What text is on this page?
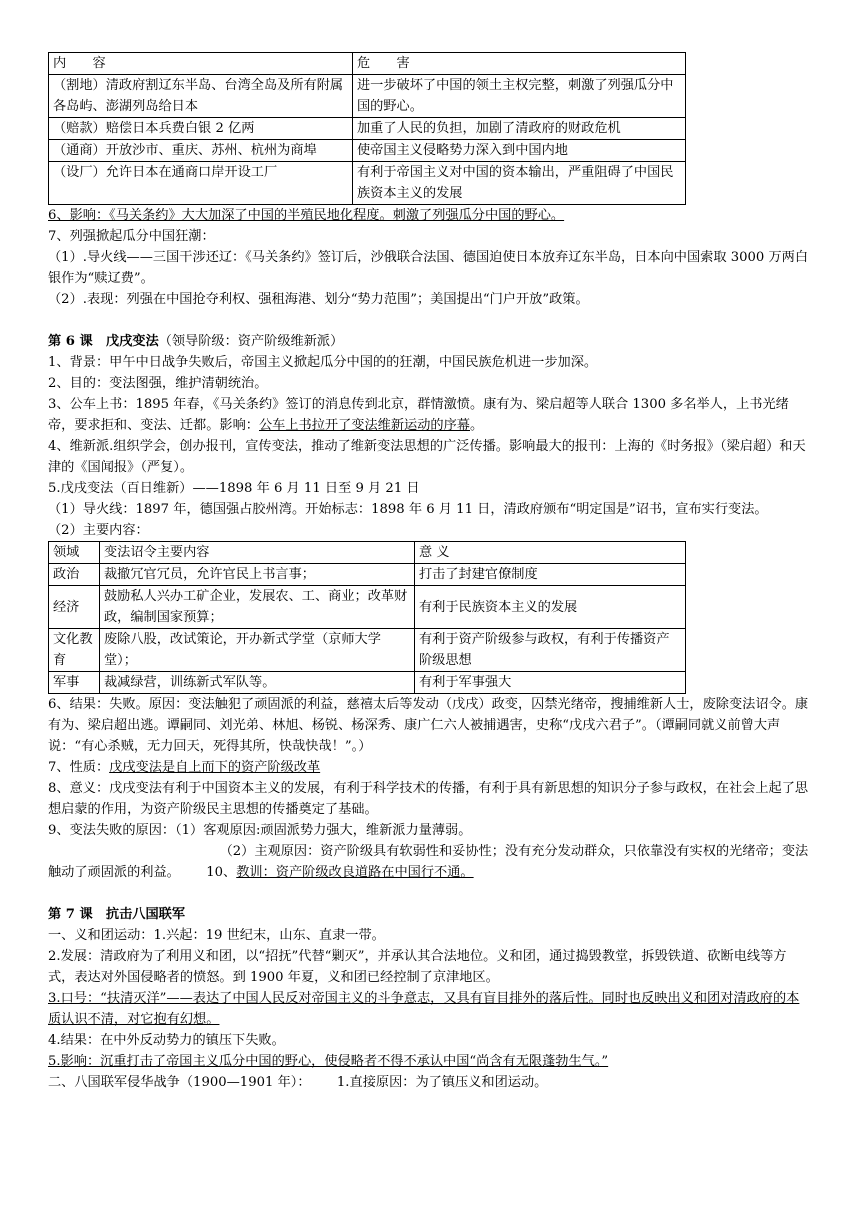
内　　容	危　　害
（割地）清政府割辽东半岛、台湾全岛及所有附属各岛屿、澎湖列岛给日本	进一步破坏了中国的领土主权完整，刺激了列强瓜分中国的野心。
（赔款）赔偿日本兵费白银 2 亿两	加重了人民的负担，加剧了清政府的财政危机
（通商）开放沙市、重庆、苏州、杭州为商埠	使帝国主义侵略势力深入到中国内地
（设厂）允许日本在通商口岸开设工厂	有利于帝国主义对中国的资本输出，严重阻碍了中国民族资本主义的发展

6、影响：《马关条约》大大加深了中国的半殖民地化程度。刺激了列强瓜分中国的野心。

7、列强掀起瓜分中国狂潮：

（1）.导火线——三国干涉还辽：《马关条约》签订后，沙俄联合法国、德国迫使日本放弃辽东半岛，日本向中国索取 3000 万两白银作为“赎辽费”。

（2）.表现：列强在中国抢夺利权、强租海港、划分“势力范围”；美国提出“门户开放”政策。

第 6 课　戊戌变法（领导阶级：资产阶级维新派）

1、背景：甲午中日战争失败后，帝国主义掀起瓜分中国的的狂潮，中国民族危机进一步加深。

2、目的：变法图强，维护清朝统治。

3、公车上书：1895 年春，《马关条约》签订的消息传到北京，群情激愤。康有为、梁启超等人联合 1300 多名举人，上书光绪帝，要求拒和、变法、迁都。影响：公车上书拉开了变法维新运动的序幕。

4、维新派.组织学会，创办报刊，宣传变法，推动了维新变法思想的广泛传播。影响最大的报刊：上海的《时务报》（梁启超）和天津的《国闻报》（严复）。

5.戊戌变法（百日维新）——1898 年 6 月 11 日至 9 月 21 日

（1）导火线：1897 年，德国强占胶州湾。开始标志：1898 年 6 月 11 日，清政府颁布“明定国是”诏书，宣布实行变法。（2）主要内容：

领域	变法诏令主要内容	意 义
政治	裁撤冗官冗员，允许官民上书言事；	打击了封建官僚制度
经济	鼓励私人兴办工矿企业，发展农、工、商业；改革财政，编制国家预算；	有利于民族资本主义的发展
文化教育	废除八股，改试策论，开办新式学堂（京师大学堂）；	有利于资产阶级参与政权，有利于传播资产阶级思想
军事	裁减绿营，训练新式军队等。	有利于军事强大

6、结果：失败。原因：变法触犯了顽固派的利益，慈禧太后等发动（戊戌）政变，囚禁光绪帝，搜捕维新人士，废除变法诏令。康有为、梁启超出逃。谭嗣同、刘光弟、林旭、杨锐、杨深秀、康广仁六人被捕遇害，史称“戊戌六君子”。（谭嗣同就义前曾大声说：“有心杀贼，无力回天，死得其所，快哉快哉！”。）

7、性质：戊戌变法是自上而下的资产阶级改革

8、意义：戊戌变法有利于中国资本主义的发展，有利于科学技术的传播，有利于具有新思想的知识分子参与政权，在社会上起了思想启蒙的作用，为资产阶级民主思想的传播奠定了基础。

9、变法失败的原因：（1）客观原因:顽固派势力强大，维新派力量薄弱。

（2）主观原因：资产阶级具有软弱性和妥协性；没有充分发动群众，只依靠没有实权的光绪帝；变法触动了顽固派的利益。 10、教训：资产阶级改良道路在中国行不通。

第 7 课　抗击八国联军

一、义和团运动：1.兴起：19 世纪末，山东、直隶一带。

2.发展：清政府为了利用义和团，以“招抚”代替“剿灭”，并承认其合法地位。义和团，通过捣毁教堂，拆毁铁道、砍断电线等方式，表达对外国侵略者的愤怒。到 1900 年夏，义和团已经控制了京津地区。

3.口号：“扶清灭洋”——表达了中国人民反对帝国主义的斗争意志，又具有盲目排外的落后性。同时也反映出义和团对清政府的本质认识不清，对它抱有幻想。

4.结果：在中外反动势力的镇压下失败。

5.影响：沉重打击了帝国主义瓜分中国的野心，使侵略者不得不承认中国“尚含有无限蓬勃生气。”

二、八国联军侵华战争（1900—1901 年）： 1.直接原因：为了镇压义和团运动。
